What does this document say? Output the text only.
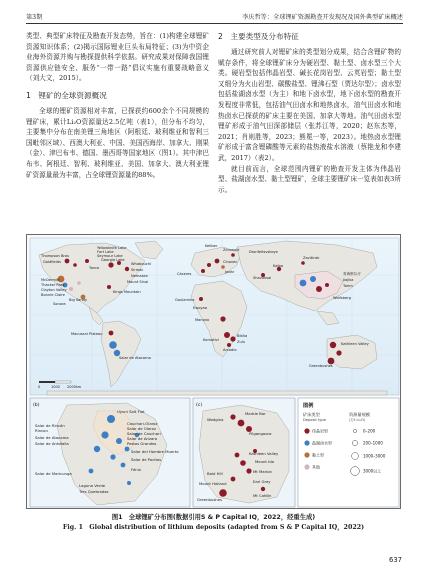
第3期	李庆哲等：全球锂矿资源勘查开发现况及国外典型矿床概述

类型、典型矿床特征及勘查开发态势，旨在：(1)构建全球锂矿资源知识体系；(2)揭示国际锂业巨头布局特征；(3)为中资企业海外资源并购与勘探提供科学依据。研究成果对保障我国锂资源供应链安全、服务“一带一路”倡议实施有重要战略意义（刘大文，2015）。

1　锂矿的全球资源概况

全球的锂矿资源相对丰富，已探获约600余个不同规模的锂矿床，累计Li₂O资源量达2.5亿吨（表1），但分布不均匀，主要集中分布在南美锂三角地区（阿根廷、玻利维亚和智利三国毗邻区域）、西澳大利亚、中国、美国西海岸、加拿大、刚果（金）、津巴布韦、德国、墨西哥等国家地区（图1）。其中津巴布韦、阿根廷、智利、玻利维亚、美国、加拿大、澳大利亚锂矿资源量最为丰富，占全球锂资源量的88%。

2　主要类型及分布特征

通过研究前人对锂矿床的类型划分成果，结合含锂矿物的赋存条件，将全球锂矿床分为硬岩型、黏土型、卤水型三个大类。硬岩型包括伟晶岩型、碱长花岗岩型、云英岩型；黏土型又细分为火山岩型、碳酸盐型、锂沸石型（贾达尔型）；卤水型包括盐湖卤水型（为主）和地下卤水型，地下卤水型的勘查开发程度非常低，包括油气田卤水和地热卤水，油气田卤水和地热卤水已探获的矿床主要在美国、加拿大等地。油气田卤水型锂矿形成于油气田深部储层（张苏江等，2020；赵东杰等，2021；肖则胜等，2023；熊冕一等，2023）。地热卤水型锂矿形成于富含锂磷酸等元素的盐热液盐水溶液（蔡艳龙和李建武，2017）（表2）。

就目前而言，全球范围内锂矿的勘查开发主体为伟晶岩型、盐湖卤水型、黏土型锂矿，全球主要锂矿床一览表如表3所示。

Yellowknife Lake
Fort Lake
Seymour Lake
Georgia Lake
Whabouchi
Sirmac
Thompson Bros
Goldfields
Tanco
Nemaska
Mount Sinai
Kings Mountain
McDermitt
Thacker Pass
Clayton Valley
Bonnie Claire
Big Sandy
Sonora
Macusani Plateau
Salar de Atacama
Zinnwald
Cínovec
Cáceres	Jadar
Keliber
Dronfeltsvskoye
Shavaksai
Zavitinsk
Kalba
Goulamina
Ewoyaa
Manono
Kamativi
Bikita
Zulu
Arcadia
青海察尔汗
Jiajika
Tarim
Wolfsberg
Kathleen Valley
Greenbushes
0	1000 2000km
(b)
Uyuni Salt Flat
Salar del Hombre Muerto
Cauchari-Olaroz
Salar de Olaroz
Salar de Cauchari
Salar de Arizaro
Pastos Grandes
Salar de Atacama
Salar de Maricunga
Salar de Pocitos
Laguna Verde
Tres Quebradas
Salar de Rincón
Rincon
Salar de Antofalla
Fénix
(c)
Marble Bar
Wodgina
Pilgangoora
Kathleen Valley
Mount Ida
Mt Marion
Bald Hill
Mount Holland
Greenbushes
Mt Cattlin
Earl Grey
图例
矿床类型
Deposit type
资源量规模
(万t Li₂O)
伟晶岩型
盐湖卤水型
黏土型
其他
0–200
200–1000
1000–3000
3000以上
图1　全球锂矿分布图(数据引用S & P Capital IQ，2022，经重生成)
Fig. 1　Global distribution of lithium deposits (adapted from S & P Capital IQ，2022)
637
